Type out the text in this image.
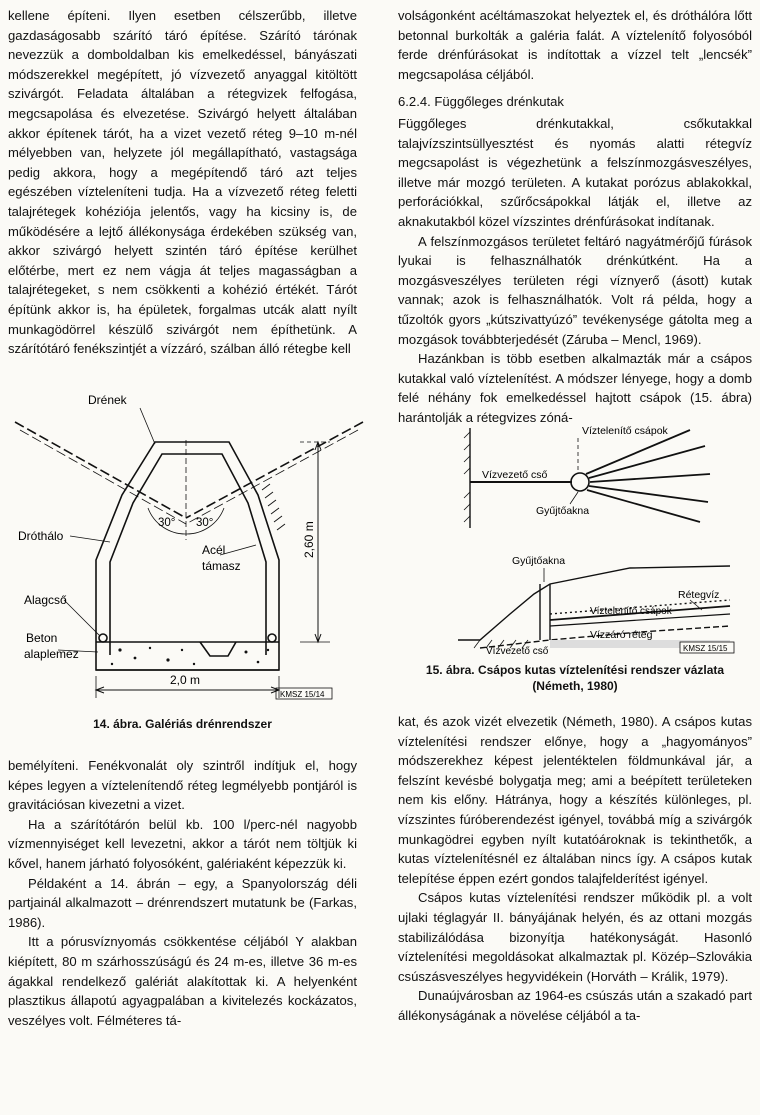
kellene építeni. Ilyen esetben célszerűbb, illetve gazdaságosabb szárító táró építése. Szárító tárónak nevezzük a domboldalban kis emelkedéssel, bányászati módszerekkel megépített, jó vízvezető anyaggal kitöltött szivárgót. Feladata általában a rétegvizek felfogása, megcsapolása és elvezetése. Szivárgó helyett általában akkor építenek tárót, ha a vizet vezető réteg 9–10 m-nél mélyebben van, helyzete jól megállapítható, vastagsága pedig akkora, hogy a megépítendő táró azt teljes egészében vízteleníteni tudja. Ha a vízvezető réteg feletti talajrétegek kohéziója jelentős, vagy ha kicsiny is, de működésére a lejtő állékonysága érdekében szükség van, akkor szivárgó helyett szintén táró építése kerülhet előtérbe, mert ez nem vágja át teljes magasságban a talajrétegeket, s nem csökkenti a kohézió értékét. Tárót építünk akkor is, ha épületek, forgalmas utcák alatt nyílt munkagödörrel készülő szivárgót nem építhetünk. A szárítótáró fenékszintjét a vízzáró, szálban álló rétegbe kell

Drének
30° 30°
Dróthálo
Acél
támasz
Alagcső
Beton
alaplemez
2,60 m
2,0 m
KMSZ 15/14
14. ábra. Galériás drénrendszer

bemélyíteni. Fenékvonalát oly szintről indítjuk el, hogy képes legyen a víztelenítendő réteg legmélyebb pontjáról is gravitációsan kivezetni a vizet.

Ha a szárítótárón belül kb. 100 l/perc-nél nagyobb vízmennyiséget kell levezetni, akkor a tárót nem töltjük ki kővel, hanem járható folyosóként, galériaként képezzük ki.

Példaként a 14. ábrán – egy, a Spanyolország déli partjainál alkalmazott – drénrendszert mutatunk be (Farkas, 1986).

Itt a pórusvíznyomás csökkentése céljából Y alakban kiépített, 80 m szárhosszúságú és 24 m-es, illetve 36 m-es ágakkal rendelkező galériát alakítottak ki. A helyenként plasztikus állapotú agyagpalában a kivitelezés kockázatos, veszélyes volt. Félméteres tá-

volságonként acéltámaszokat helyeztek el, és dróthálóra lőtt betonnal burkolták a galéria falát. A víztelenítő folyosóból ferde drénfúrásokat is indítottak a vízzel telt „lencsék” megcsapolása céljából.

6.2.4. Függőleges drénkutak

Függőleges drénkutakkal, csőkutakkal talajvízszintsüllyesztést és nyomás alatti rétegvíz megcsapolást is végezhetünk a felszínmozgásveszélyes, illetve már mozgó területen. A kutakat porózus ablakokkal, perforációkkal, szűrőcsápokkal látják el, illetve az aknakutakból közel vízszintes drénfúrásokat indítanak.

A felszínmozgásos területet feltáró nagyátmérőjű fúrások lyukai is felhasználhatók drénkútként. Ha a mozgásveszélyes területen régi víznyerő (ásott) kutak vannak; azok is felhasználhatók. Volt rá példa, hogy a tűzoltók gyors „kútszivattyúzó” tevékenysége gátolta meg a mozgások továbbterjedését (Záruba – Mencl, 1969).

Hazánkban is több esetben alkalmazták már a csápos kutakkal való víztelenítést. A módszer lényege, hogy a domb felé néhány fok emelkedéssel hajtott csápok (15. ábra) harántolják a rétegvizes zóná-

Víztelenítő csápok
Vízvezető cső
Gyűjtőakna
Gyűjtőakna
Víztelenítő csápok
Rétegvíz
Vízvezető cső
Vízzáró réteg
KMSZ 15/15
15. ábra. Csápos kutas víztelenítési rendszer vázlata
(Németh, 1980)

kat, és azok vizét elvezetik (Németh, 1980). A csápos kutas víztelenítési rendszer előnye, hogy a „hagyományos” módszerekhez képest jelentéktelen földmunkával jár, a felszínt kevésbé bolygatja meg; ami a beépített területeken nem kis előny. Hátránya, hogy a készítés különleges, pl. vízszintes fúróberendezést igényel, továbbá míg a szivárgók munkagödrei egyben nyílt kutatóároknak is tekinthetők, a kutas víztelenítésnél ez általában nincs így. A csápos kutak telepítése éppen ezért gondos talajfelderítést igényel.

Csápos kutas víztelenítési rendszer működik pl. a volt ujlaki téglagyár II. bányájának helyén, és az ottani mozgás stabilizálódása bizonyítja hatékonyságát. Hasonló víztelenítési megoldásokat alkalmaztak pl. Közép–Szlovákia csúszásveszélyes hegyvidékein (Horváth – Králik, 1979).

Dunaújvárosban az 1964-es csúszás után a szakadó part állékonyságának a növelése céljából a ta-
